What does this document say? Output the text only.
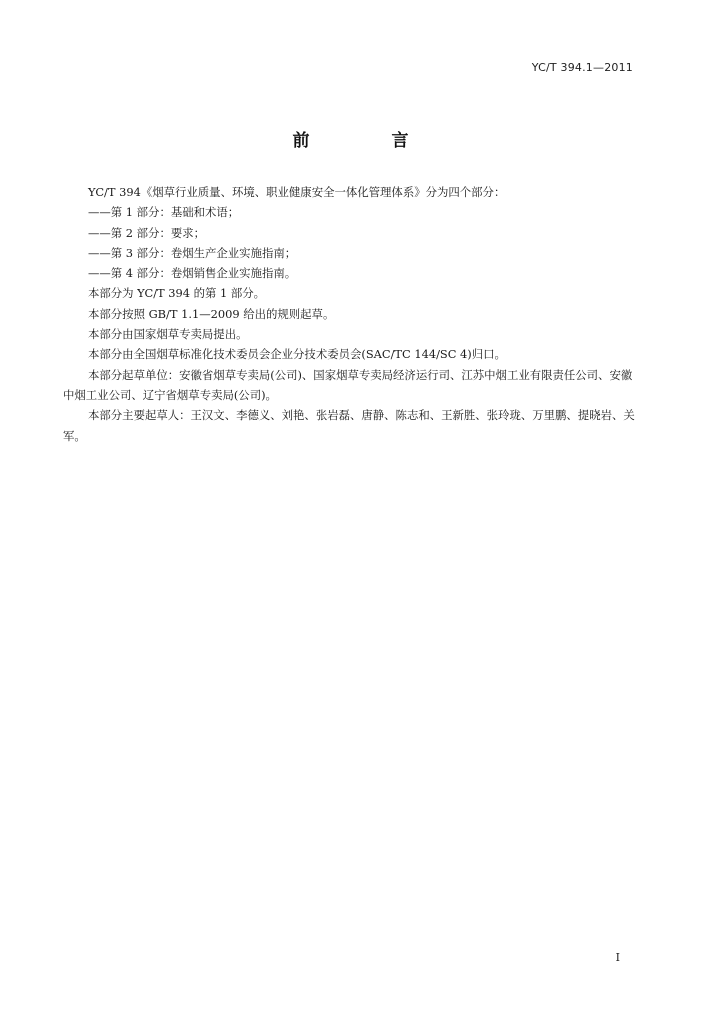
YC/T 394.1—2011
前 言

YC/T 394《烟草行业质量、环境、职业健康安全一体化管理体系》分为四个部分：

——第 1 部分：基础和术语；

——第 2 部分：要求；

——第 3 部分：卷烟生产企业实施指南；

——第 4 部分：卷烟销售企业实施指南。

本部分为 YC/T 394 的第 1 部分。

本部分按照 GB/T 1.1—2009 给出的规则起草。

本部分由国家烟草专卖局提出。

本部分由全国烟草标准化技术委员会企业分技术委员会(SAC/TC 144/SC 4)归口。

本部分起草单位：安徽省烟草专卖局(公司)、国家烟草专卖局经济运行司、江苏中烟工业有限责任公司、安徽中烟工业公司、辽宁省烟草专卖局(公司)。

本部分主要起草人：王汉文、李德义、刘艳、张岩磊、唐静、陈志和、王新胜、张玲珑、万里鹏、提晓岩、关军。

I
